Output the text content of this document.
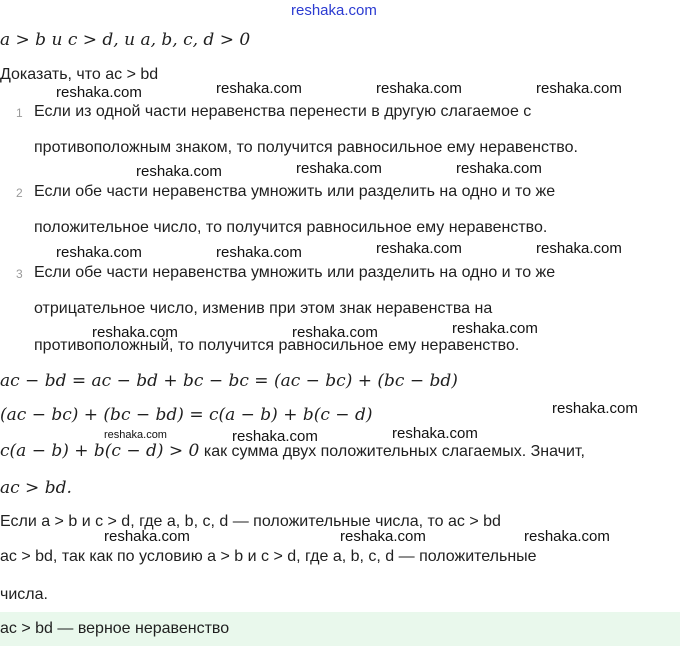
reshaka.com
reshaka.com	reshaka.com	reshaka.com	reshaka.com
reshaka.com	reshaka.com	reshaka.com
reshaka.com	reshaka.com	reshaka.com	reshaka.com
reshaka.com	reshaka.com	reshaka.com
reshaka.com
reshaka.com	reshaka.com	reshaka.com
reshaka.com	reshaka.com	reshaka.com
a > b и c > d, и a, b, c, d > 0
Доказать, что ac > bd
1 Если из одной части неравенства перенести в другую слагаемое с
противоположным знаком, то получится равносильное ему неравенство.
2 Если обе части неравенства умножить или разделить на одно и то же
положительное число, то получится равносильное ему неравенство.
3 Если обе части неравенства умножить или разделить на одно и то же
отрицательное число, изменив при этом знак неравенства на
противоположный, то получится равносильное ему неравенство.
ac − bd = ac − bd + bc − bc = (ac − bc) + (bc − bd)
(ac − bc) + (bc − bd) = c(a − b) + b(c − d)
c(a − b) + b(c − d) > 0 как сумма двух положительных слагаемых. Значит,
ac > bd.
Если a > b и c > d, где a, b, c, d — положительные числа, то ac > bd
ac > bd, так как по условию a > b и c > d, где a, b, c, d — положительные
числа.
ac > bd — верное неравенство
